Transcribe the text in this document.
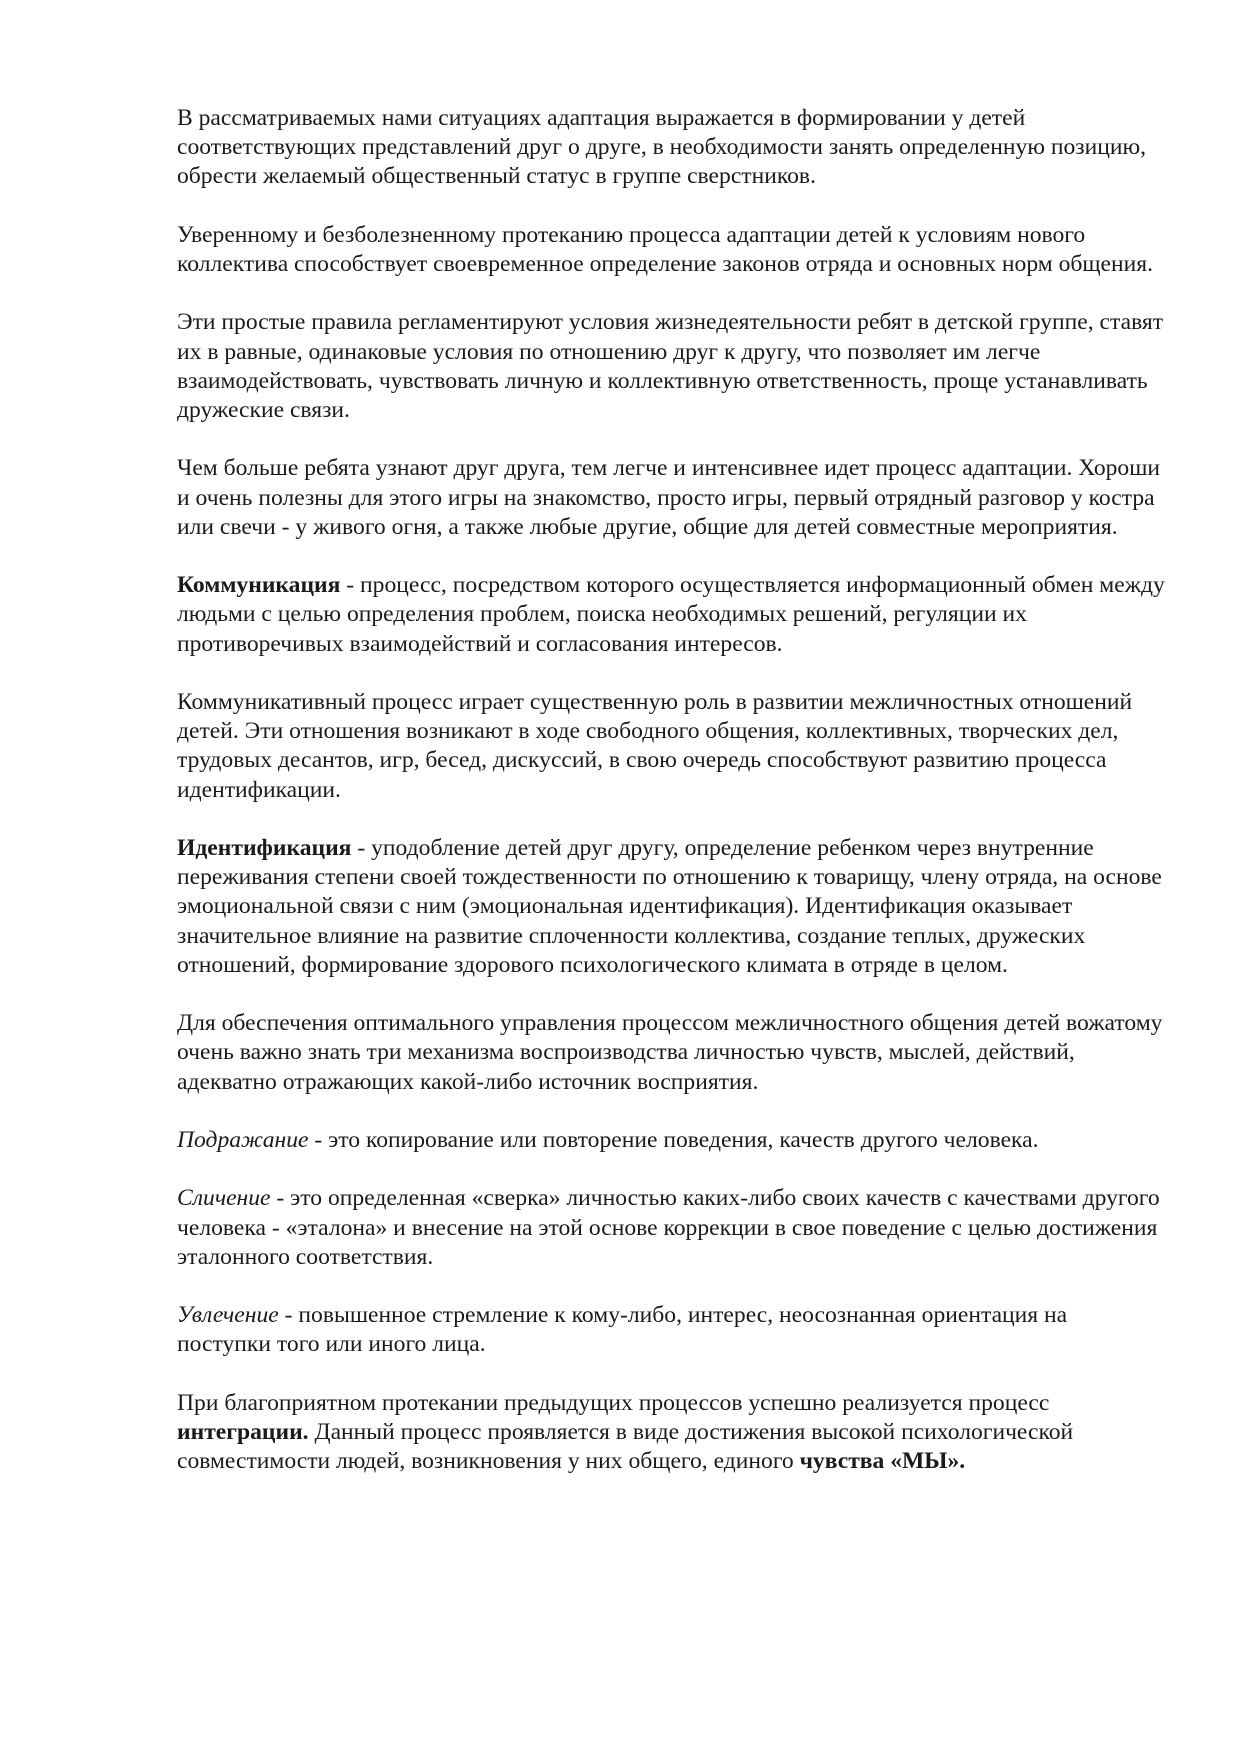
В рассматриваемых нами ситуациях адаптация выражается в формировании у детей соответствующих представлений друг о друге, в необходимости занять определенную позицию, обрести желаемый общественный статус в группе сверстников.

Уверенному и безболезненному протеканию процесса адаптации детей к условиям нового коллектива способствует своевременное определение законов отряда и основных норм общения.

Эти простые правила регламентируют условия жизнедеятельности ребят в детской группе, ставят их в равные, одинаковые условия по отношению друг к другу, что позволяет им легче взаимодействовать, чувствовать личную и коллективную ответственность, проще устанавливать дружеские связи.

Чем больше ребята узнают друг друга, тем легче и интенсивнее идет процесс адаптации. Хороши и очень полезны для этого игры на знакомство, просто игры, первый отрядный разговор у костра или свечи - у живого огня, а также любые другие, общие для детей совместные мероприятия.

Коммуникация - процесс, посредством которого осуществляется информационный обмен между людьми с целью определения проблем, поиска необходимых решений, регуляции их противоречивых взаимодействий и согласования интересов.

Коммуникативный процесс играет существенную роль в развитии межличностных отношений детей. Эти отношения возникают в ходе свободного общения, коллективных, творческих дел, трудовых десантов, игр, бесед, дискуссий, в свою очередь способствуют развитию процесса идентификации.

Идентификация - уподобление детей друг другу, определение ребенком через внутренние переживания степени своей тождественности по отношению к товарищу, члену отряда, на основе эмоциональной связи с ним (эмоциональная идентификация). Идентификация оказывает значительное влияние на развитие сплоченности коллектива, создание теплых, дружеских отношений, формирование здорового психологического климата в отряде в целом.

Для обеспечения оптимального управления процессом межличностного общения детей вожатому очень важно знать три механизма воспроизводства личностью чувств, мыслей, действий, адекватно отражающих какой-либо источник восприятия.

Подражание - это копирование или повторение поведения, качеств другого человека.

Сличение - это определенная «сверка» личностью каких-либо своих качеств с качествами другого человека - «эталона» и внесение на этой основе коррекции в свое поведение с целью достижения эталонного соответствия.

Увлечение - повышенное стремление к кому-либо, интерес, неосознанная ориентация на поступки того или иного лица.

При благоприятном протекании предыдущих процессов успешно реализуется процесс интеграции. Данный процесс проявляется в виде достижения высокой психологической совместимости людей, возникновения у них общего, единого чувства «МЫ».
